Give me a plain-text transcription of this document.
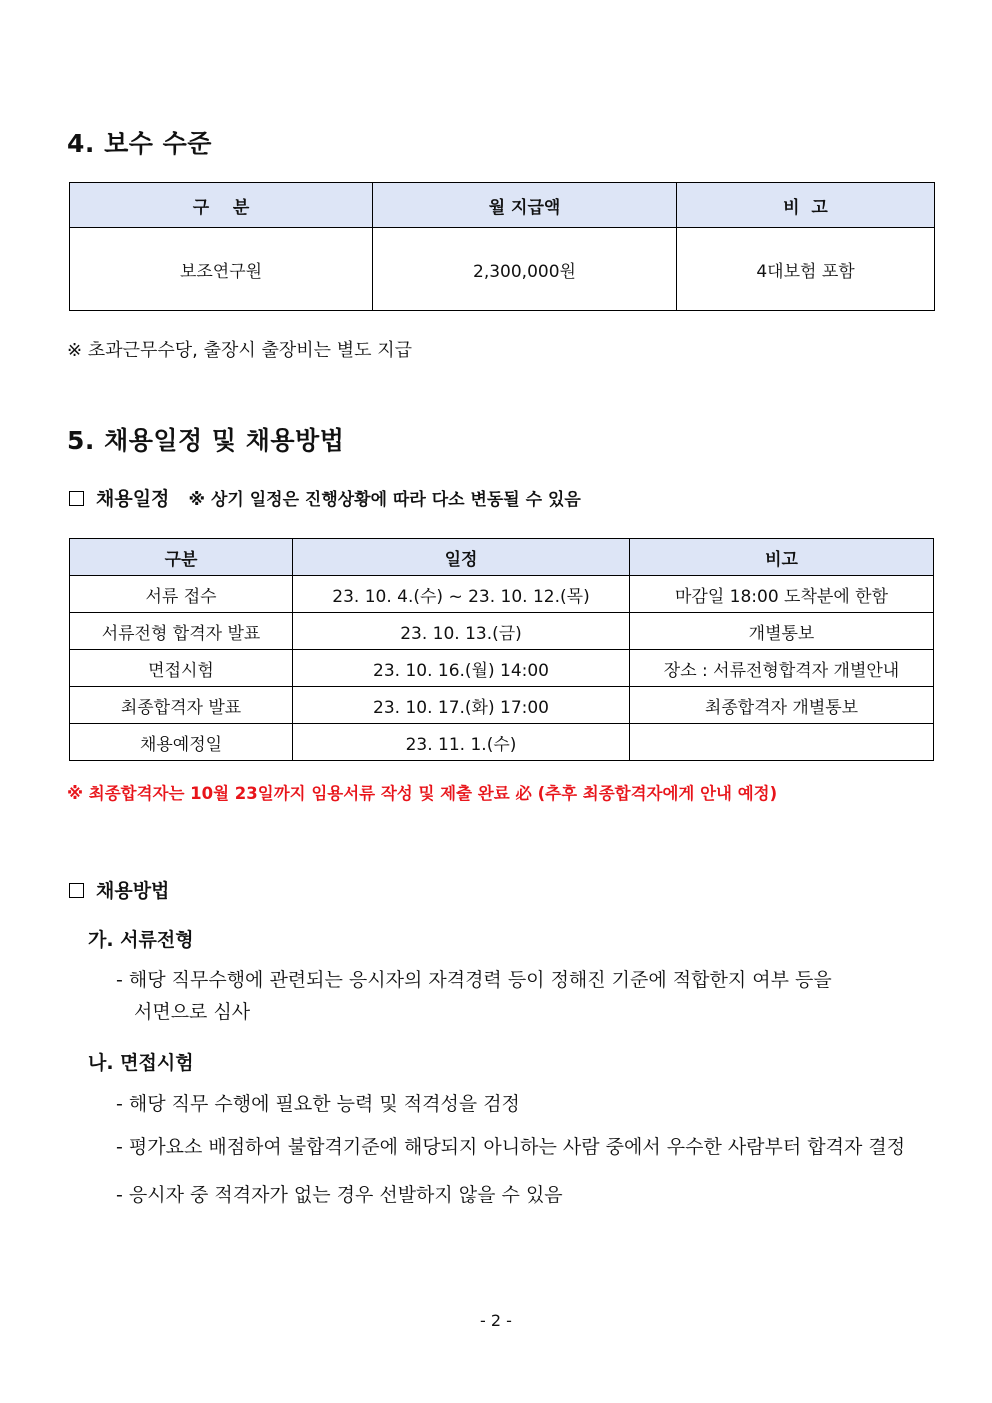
4. 보수 수준
구    분	월 지급액	비  고
보조연구원	2,300,000원	4대보험 포함
※ 초과근무수당, 출장시 출장비는 별도 지급
5. 채용일정 및 채용방법
채용일정 ※ 상기 일정은 진행상황에 따라 다소 변동될 수 있음
구분	일정	비고
서류 접수	23. 10. 4.(수) ~ 23. 10. 12.(목)	마감일 18:00 도착분에 한함
서류전형 합격자 발표	23. 10. 13.(금)	개별통보
면접시험	23. 10. 16.(월) 14:00	장소 : 서류전형합격자 개별안내
최종합격자 발표	23. 10. 17.(화) 17:00	최종합격자 개별통보
채용예정일	23. 11. 1.(수)	
※ 최종합격자는 10월 23일까지 임용서류 작성 및 제출 완료 必 (추후 최종합격자에게 안내 예정)
채용방법
가. 서류전형
- 해당 직무수행에 관련되는 응시자의 자격경력 등이 정해진 기준에 적합한지 여부 등을
서면으로 심사
나. 면접시험
- 해당 직무 수행에 필요한 능력 및 적격성을 검정
- 평가요소 배점하여 불합격기준에 해당되지 아니하는 사람 중에서 우수한 사람부터 합격자 결정
- 응시자 중 적격자가 없는 경우 선발하지 않을 수 있음
- 2 -
